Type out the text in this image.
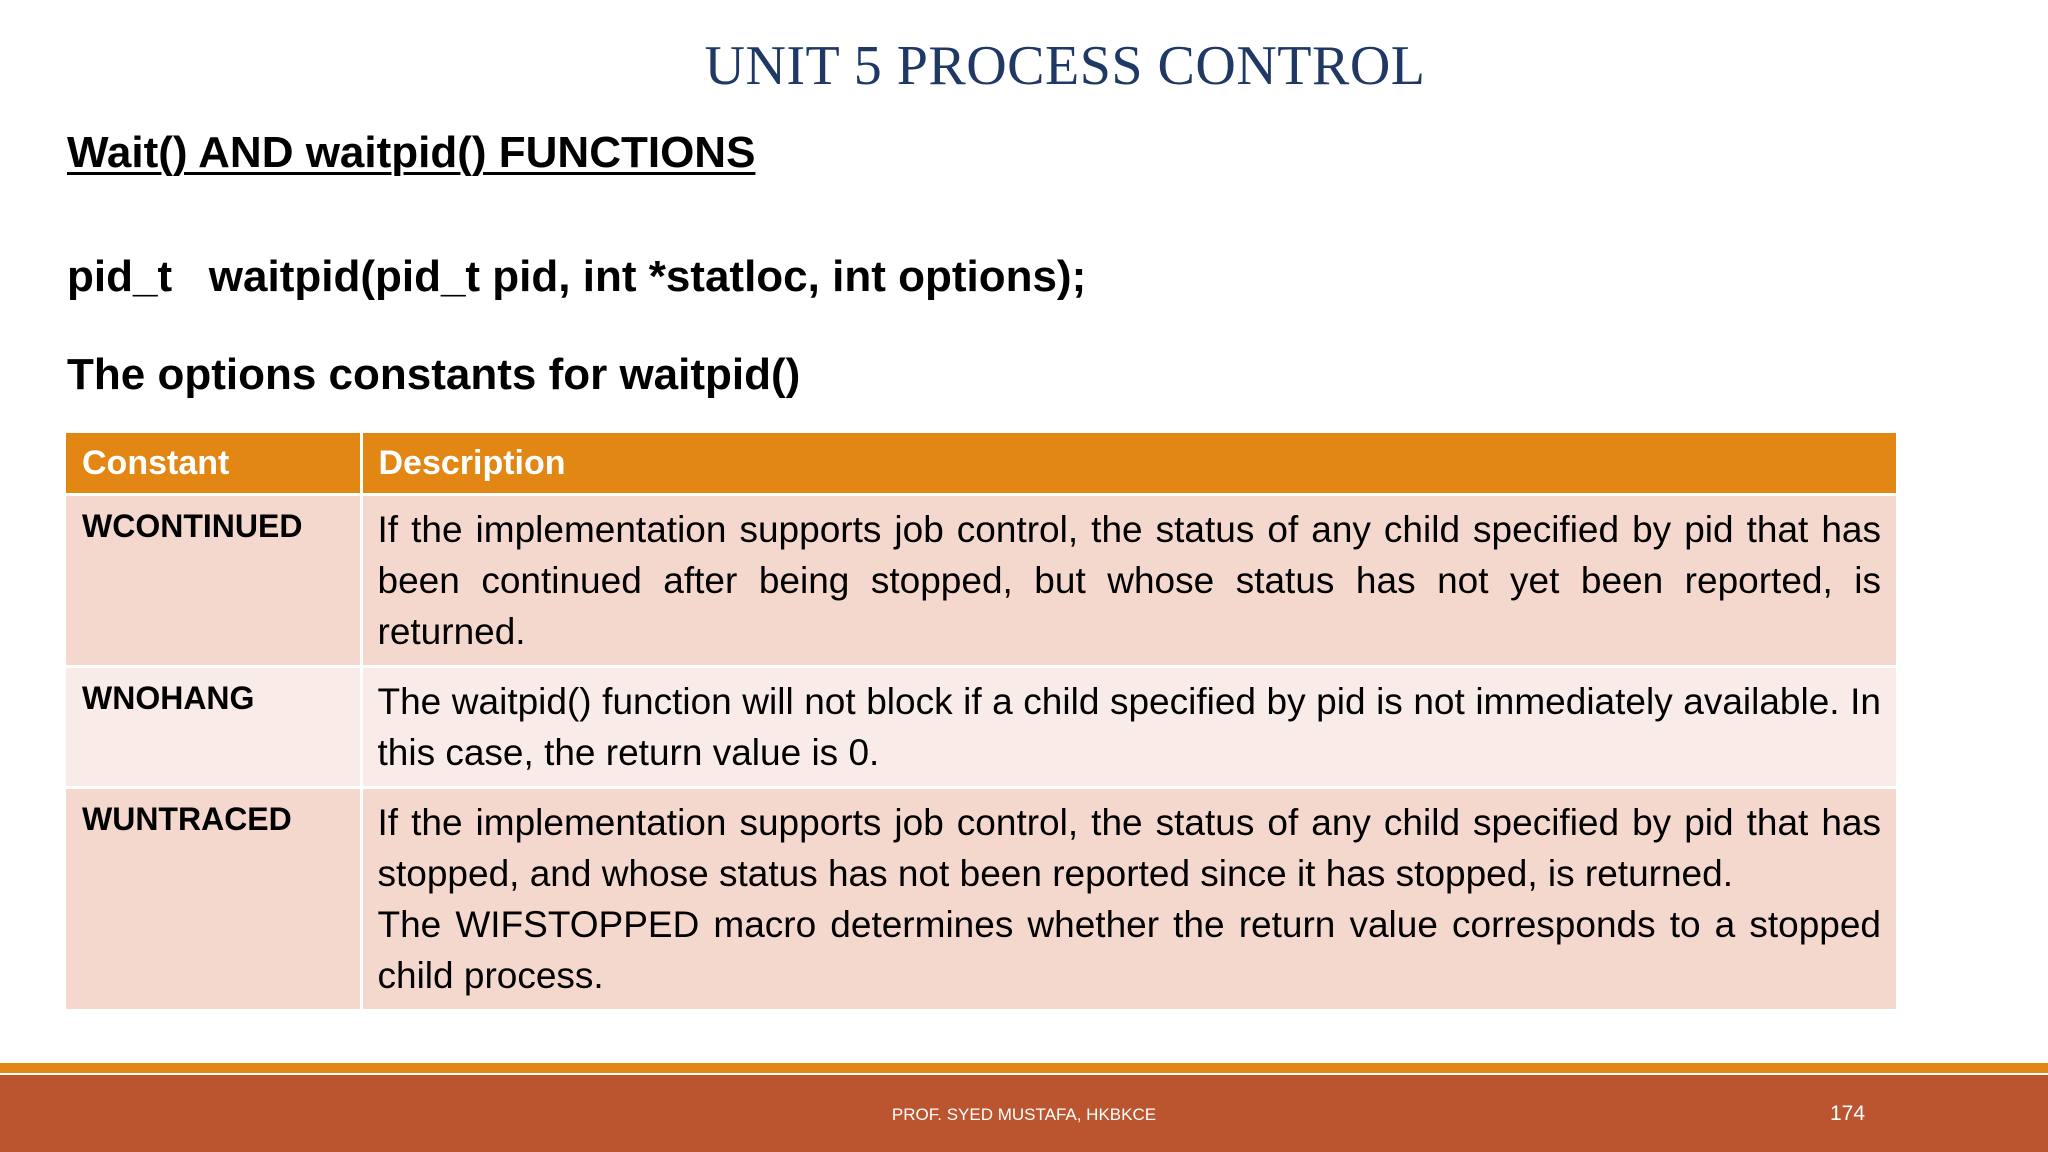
UNIT 5 PROCESS CONTROL
Wait() AND waitpid() FUNCTIONS
pid_t   waitpid(pid_t pid, int *statloc, int options);
The options constants for waitpid()
Constant	Description
WCONTINUED	If the implementation supports job control, the status of any child specified by pid that has been continued after being stopped, but whose status has not yet been reported, is returned.

WNOHANG	The waitpid() function will not block if a child specified by pid is not immediately available. In this case, the return value is 0.

WUNTRACED	If the implementation supports job control, the status of any child specified by pid that has stopped, and whose status has not been reported since it has stopped, is returned.
The WIFSTOPPED macro determines whether the return value corresponds to a stopped child process.
PROF. SYED MUSTAFA, HKBKCE	174
